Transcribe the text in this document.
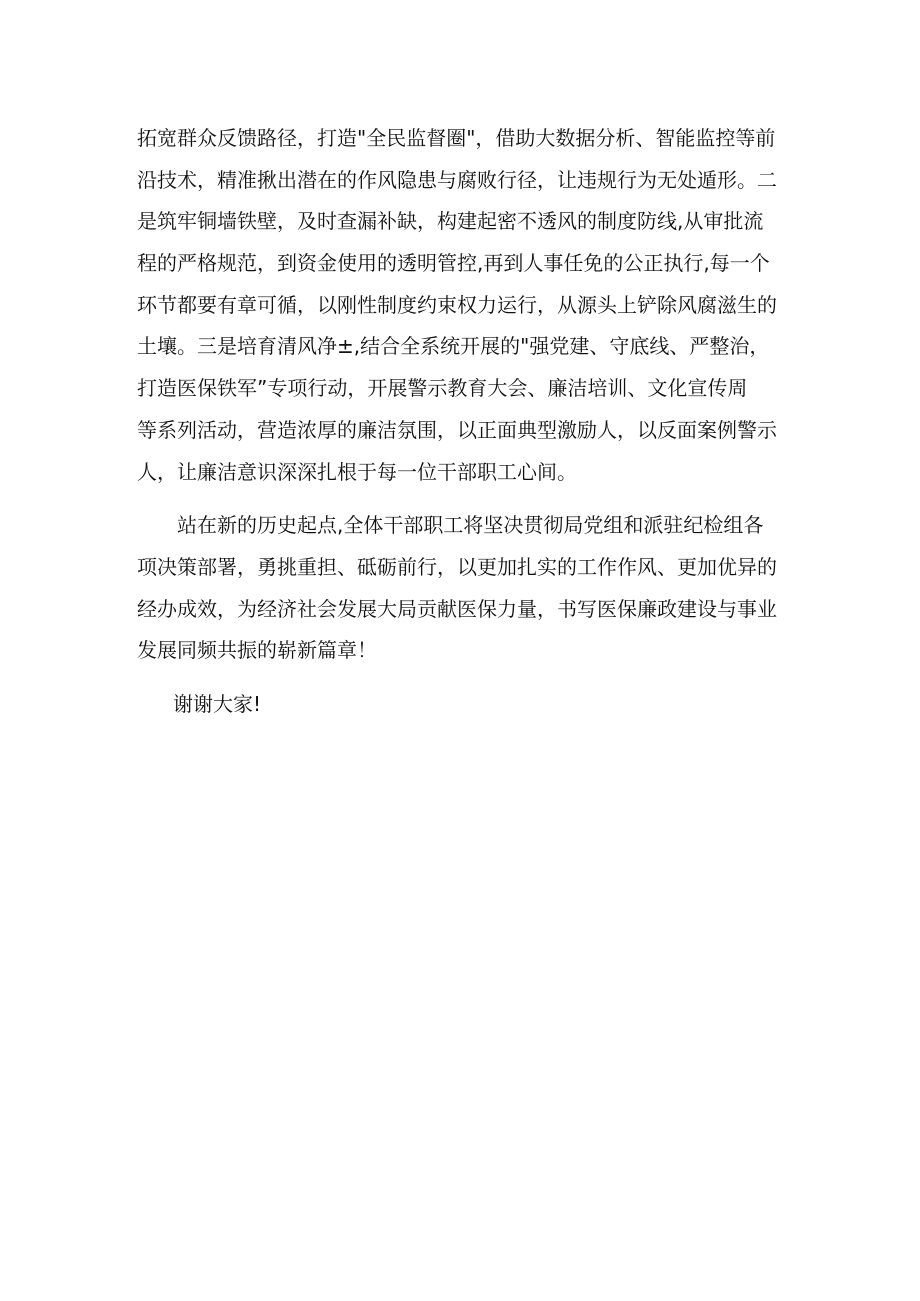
拓宽群众反馈路径，打造"全民监督圈"，借助大数据分析、智能监控等前
沿技术，精准揪出潜在的作风隐患与腐败行径，让违规行为无处遁形。二
是筑牢铜墙铁壁，及时查漏补缺，构建起密不透风的制度防线,从审批流
程的严格规范，到资金使用的透明管控,再到人事任免的公正执行,每一个
环节都要有章可循，以刚性制度约束权力运行，从源头上铲除风腐滋生的
土壤。三是培育清风净±,结合全系统开展的"强党建、守底线、严整治，
打造医保铁军”专项行动，开展警示教育大会、廉洁培训、文化宣传周
等系列活动，营造浓厚的廉洁氛围，以正面典型激励人，以反面案例警示
人，让廉洁意识深深扎根于每一位干部职工心间。
站在新的历史起点,全体干部职工将坚决贯彻局党组和派驻纪检组各
项决策部署，勇挑重担、砥砺前行，以更加扎实的工作作风、更加优异的
经办成效，为经济社会发展大局贡献医保力量，书写医保廉政建设与事业
发展同频共振的崭新篇章！
谢谢大家!
